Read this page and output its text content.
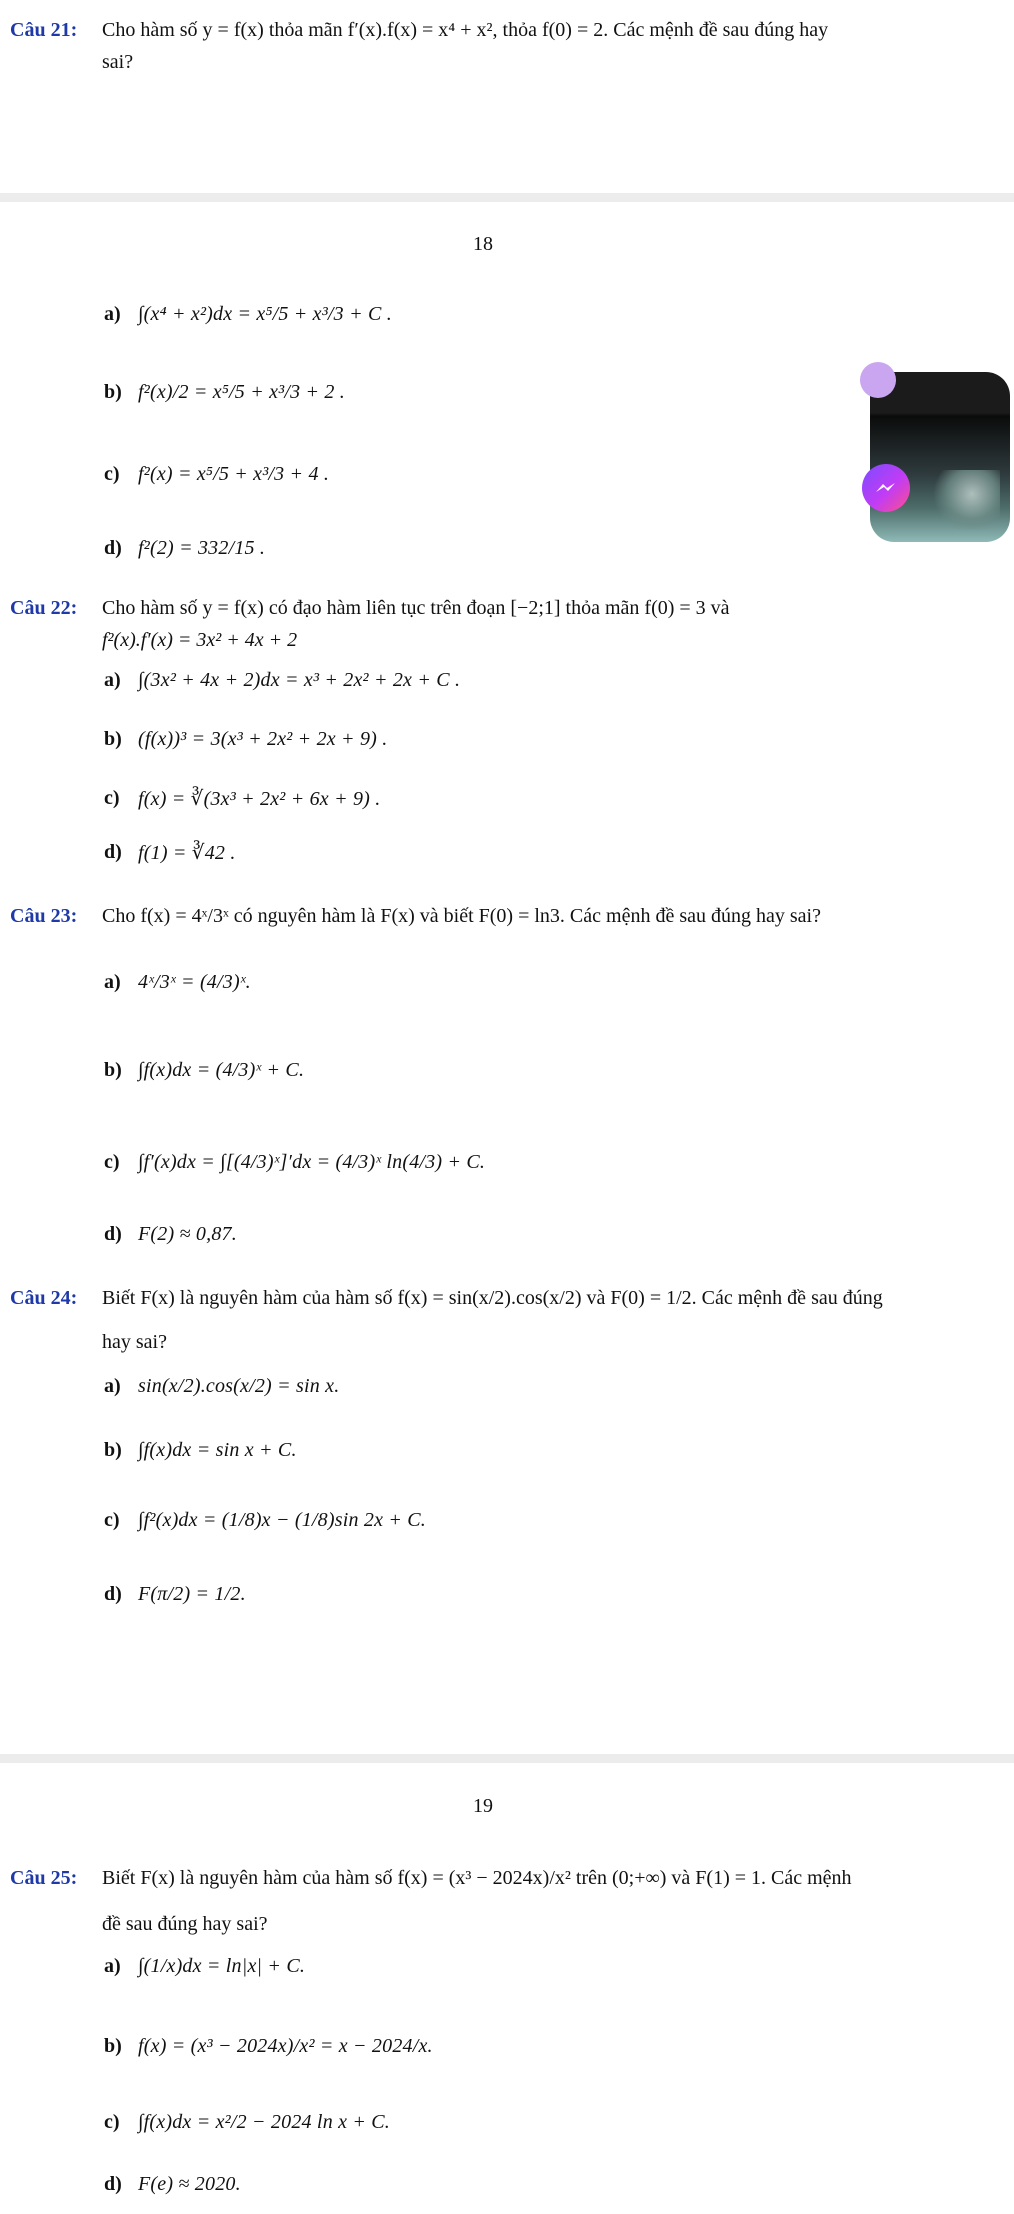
Câu 21: Cho hàm số y = f(x) thỏa mãn f′(x).f(x) = x⁴ + x², thỏa f(0) = 2. Các mệnh đề sau đúng hay
sai?
18
a) ∫(x⁴ + x²)dx = x⁵/5 + x³/3 + C .
b) f²(x)/2 = x⁵/5 + x³/3 + 2 .
c) f²(x) = x⁵/5 + x³/3 + 4 .
d) f²(2) = 332/15 .
Câu 22: Cho hàm số y = f(x) có đạo hàm liên tục trên đoạn [−2;1] thỏa mãn f(0) = 3 và
f²(x).f′(x) = 3x² + 4x + 2
a) ∫(3x² + 4x + 2)dx = x³ + 2x² + 2x + C .
b) (f(x))³ = 3(x³ + 2x² + 2x + 9) .
c) f(x) = ∛(3x³ + 2x² + 6x + 9) .
d) f(1) = ∛42 .
Câu 23: Cho f(x) = 4ˣ/3ˣ có nguyên hàm là F(x) và biết F(0) = ln3. Các mệnh đề sau đúng hay sai?
a) 4ˣ/3ˣ = (4/3)ˣ.
b) ∫f(x)dx = (4/3)ˣ + C.
c) ∫f′(x)dx = ∫[(4/3)ˣ]′dx = (4/3)ˣ ln(4/3) + C.
d) F(2) ≈ 0,87.
Câu 24: Biết F(x) là nguyên hàm của hàm số f(x) = sin(x/2).cos(x/2) và F(0) = 1/2. Các mệnh đề sau đúng
hay sai?
a) sin(x/2).cos(x/2) = sin x.
b) ∫f(x)dx = sin x + C.
c) ∫f²(x)dx = (1/8)x − (1/8)sin 2x + C.
d) F(π/2) = 1/2.
19
Câu 25: Biết F(x) là nguyên hàm của hàm số f(x) = (x³ − 2024x)/x² trên (0;+∞) và F(1) = 1. Các mệnh
đề sau đúng hay sai?
a) ∫(1/x)dx = ln|x| + C.
b) f(x) = (x³ − 2024x)/x² = x − 2024/x.
c) ∫f(x)dx = x²/2 − 2024 ln x + C.
d) F(e) ≈ 2020.
